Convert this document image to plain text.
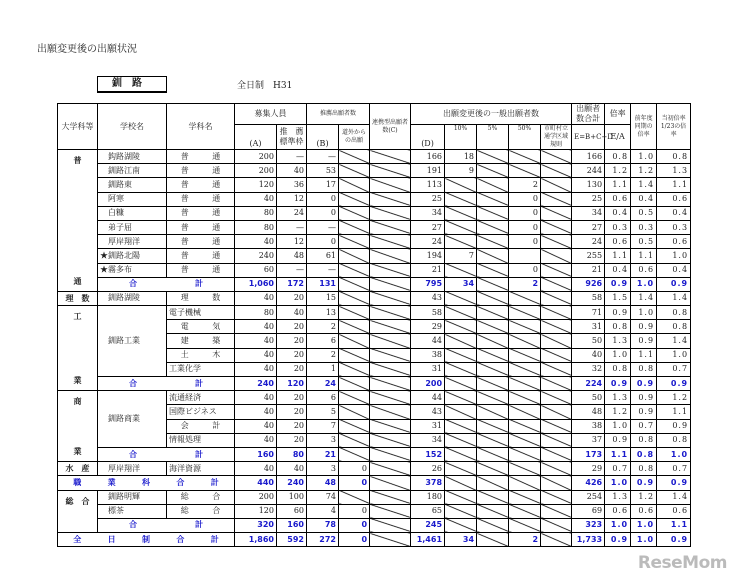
出願変更後の出願状況
釧路	全日制　H31
大学科等	学校名	学科名	募集人員		推薦出願者数		連携型出願者数(C)	出願変更後の一般出願者数					出願者数合計	倍率	前年度同期の倍率	当初倍率1/23の倍率
			(A)	推　薦 標準枠	(B)	道外からの出願		(D)	10%	5%	50%	市町村立通学区域規則	E=B+C+D	E/A		

普
通	　鈎路湖陵	普 通	200	—	—			166	18				166	0.8	1.0	0.8
	　釧路江南	普 通	200	40	53			191	9				244	1.2	1.2	1.3
	　釧路東	普 通	120	36	17			113			2		130	1.1	1.4	1.1
	　阿寒	普 通	40	12	0			25			0		25	0.6	0.4	0.6
	　白糠	普 通	80	24	0			34			0		34	0.4	0.5	0.4
	　弟子屈	普 通	80	—	—			27			0		27	0.3	0.3	0.3
	　厚岸翔洋	普 通	40	12	0			24			0		24	0.6	0.5	0.6
	★釧路北陽	普 通	240	48	61			194	7				255	1.1	1.1	1.0
	★霧多布	普 通	60	—	—			21			0		21	0.4	0.6	0.4

	合 計		1,060	172	131			795	34		2		926	0.9	1.0	0.9

理　数	　釧路湖陵	理 数	40	20	15			43					58	1.5	1.4	1.4

工
業	　釧路工業	電子機械	80	40	13			58					71	0.9	1.0	0.8

		電 気	40	20	2			29					31	0.8	0.9	0.8

		建 築	40	20	6			44					50	1.3	0.9	1.4

		土 木	40	20	2			38					40	1.0	1.1	1.0
		工業化学	40	20	1			31					32	0.8	0.8	0.7

	合 計		240	120	24			200					224	0.9	0.9	0.9

商
業	　釧路商業	流通経済	40	20	6			44					50	1.3	0.9	1.2
		国際ビジネス	40	20	5			43					48	1.2	0.9	1.1

		会 計	40	20	7			31					38	1.0	0.7	0.9
		情報処理	40	20	3			34					37	0.9	0.8	0.8

	合 計		160	80	21			152					173	1.1	0.8	1.0

水　産	　厚岸翔洋	海洋資源	40	40	3	0		26					29	0.7	0.8	0.7

職 業 科 合 計			440	240	48	0		378					426	1.0	0.9	0.9

総　合	　釧路明輝	総 合	200	100	74			180					254	1.3	1.2	1.4
	　標茶	総 合	120	60	4	0		65					69	0.6	0.6	0.6

	合 計		320	160	78	0		245					323	1.0	1.0	1.1

全 日 制 合 計			1,860	592	272	0		1,461	34		2		1,733	0.9	1.0	0.9
ReseMom
